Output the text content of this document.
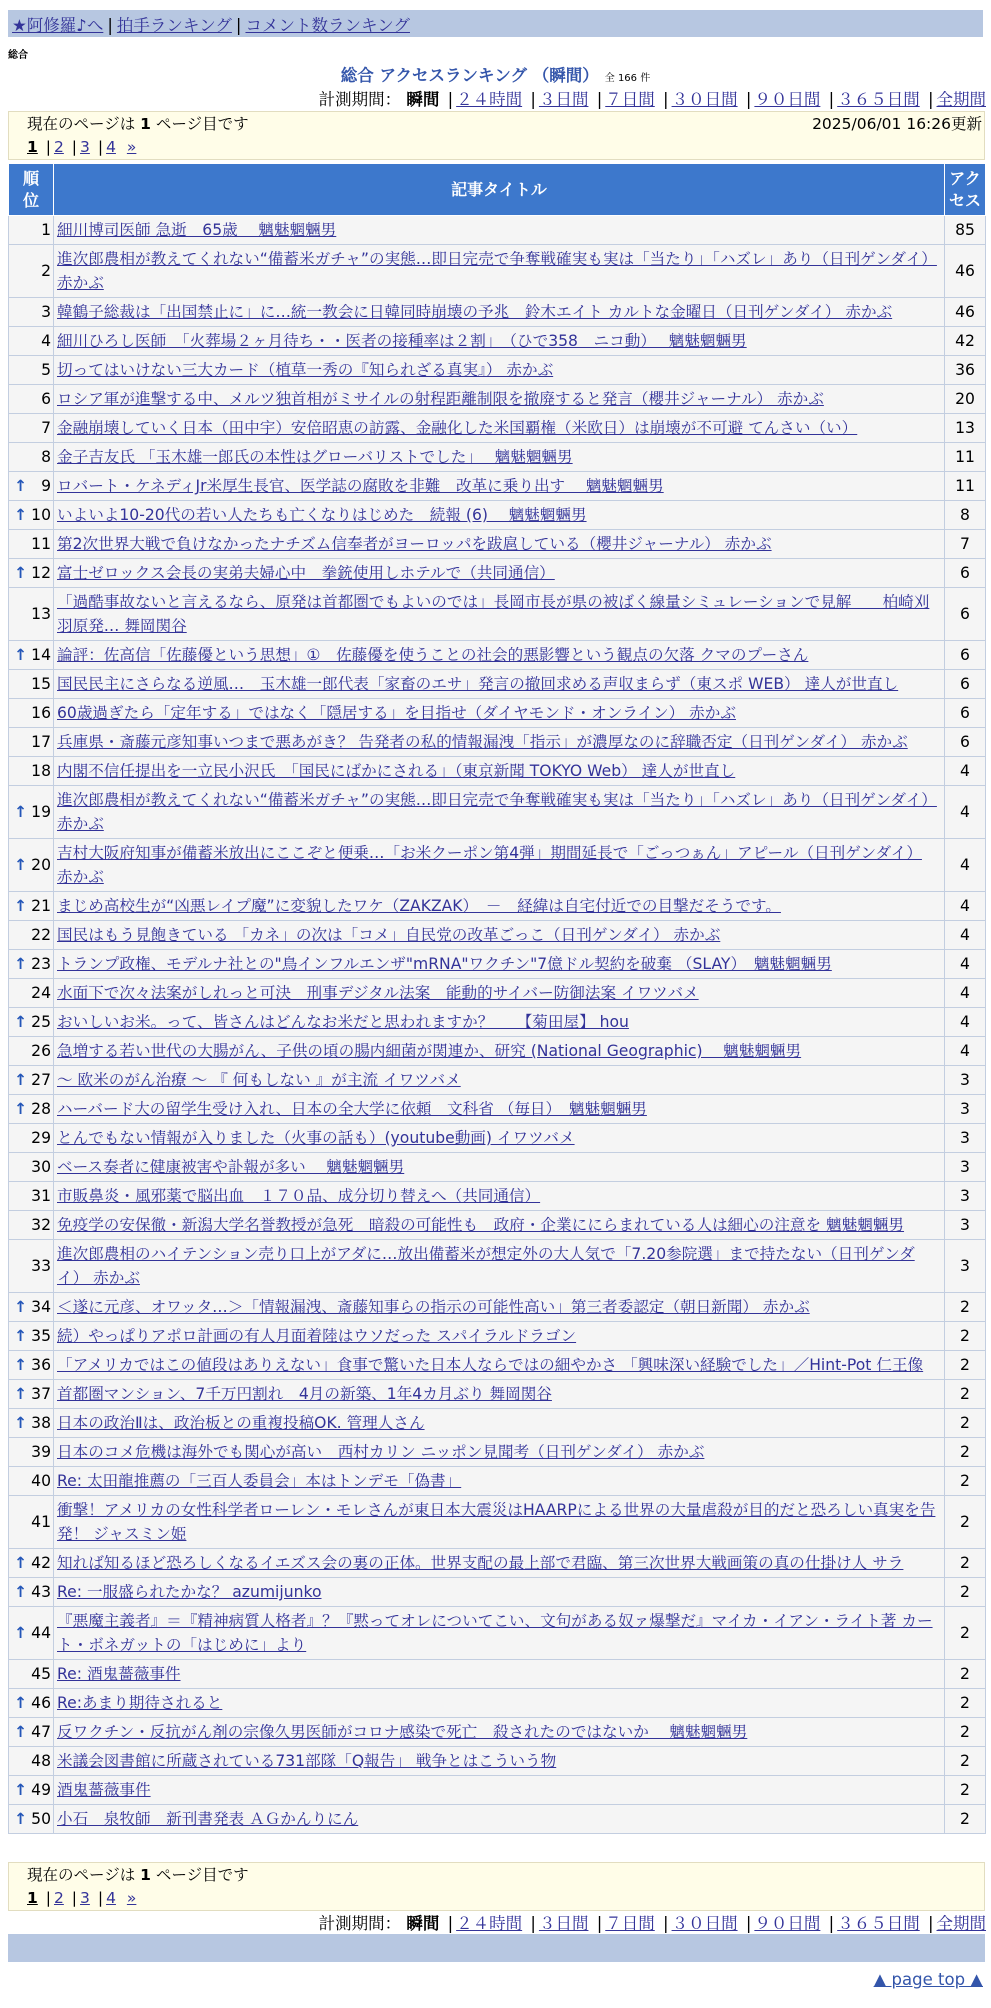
★阿修羅♪へ | 拍手ランキング | コメント数ランキング
総合
総合 アクセスランキング （瞬間） 全 166 件
計測期間： 瞬間 | ２４時間 | ３日間 | ７日間 | ３０日間 | ９０日間 | ３６５日間 | 全期間
現在のページは 1 ページ目です	2025/06/01 16:26更新
1 | 2 | 3 | 4 »
順位	記事タイトル	アクセス
1	細川博司医師 急逝　65歳　 魑魅魍魎男	85
2	進次郎農相が教えてくれない“備蓄米ガチャ”の実態…即日完売で争奪戦確実も実は「当たり」「ハズレ」あり（日刊ゲンダイ） 赤かぶ	46
3	韓鶴子総裁は「出国禁止に」に…統一教会に日韓同時崩壊の予兆　鈴木エイト カルトな金曜日（日刊ゲンダイ） 赤かぶ	46
4	細川ひろし医師　「火葬場２ヶ月待ち・・医者の接種率は２割」　（ひで358　ニコ動）　 魑魅魍魎男	42
5	切ってはいけない三大カード（植草一秀の『知られざる真実』） 赤かぶ	36
6	ロシア軍が進撃する中、メルツ独首相がミサイルの射程距離制限を撤廃すると発言（櫻井ジャーナル） 赤かぶ	20
7	金融崩壊していく日本（田中宇）安倍昭恵の訪露、金融化した米国覇権（米欧日）は崩壊が不可避 てんさい（い）	13
8	金子吉友氏 「玉木雄一郎氏の本性はグローバリストでした」　 魑魅魍魎男	11

↑ 9	ロバート・ケネディJr米厚生長官、医学誌の腐敗を非難　改革に乗り出す　 魑魅魍魎男	11

↑ 10	いよいよ10-20代の若い人たちも亡くなりはじめた　続報 (6)　 魑魅魍魎男	8
11	第2次世界大戦で負けなかったナチズム信奉者がヨーロッパを跋扈している（櫻井ジャーナル） 赤かぶ	7

↑ 12	富士ゼロックス会長の実弟夫婦心中　拳銃使用しホテルで（共同通信）	6
13	「過酷事故ないと言えるなら、原発は首都圏でもよいのでは」長岡市長が県の被ばく線量シミュレーションで見解　　柏崎刈羽原発… 舞岡関谷	6

↑ 14	論評：佐高信「佐藤優という思想」①　佐藤優を使うことの社会的悪影響という観点の欠落 クマのプーさん	6
15	国民民主にさらなる逆風…　玉木雄一郎代表「家畜のエサ」発言の撤回求める声収まらず（東スポ WEB） 達人が世直し	6
16	60歳過ぎたら「定年する」ではなく「隠居する」を目指せ（ダイヤモンド・オンライン） 赤かぶ	6
17	兵庫県・斎藤元彦知事いつまで悪あがき？ 告発者の私的情報漏洩「指示」が濃厚なのに辞職否定（日刊ゲンダイ） 赤かぶ	6
18	内閣不信任提出を一立民小沢氏　「国民にばかにされる」（東京新聞 TOKYO Web） 達人が世直し	4

↑ 19	進次郎農相が教えてくれない“備蓄米ガチャ”の実態…即日完売で争奪戦確実も実は「当たり」「ハズレ」あり（日刊ゲンダイ） 赤かぶ	4

↑ 20	吉村大阪府知事が備蓄米放出にここぞと便乗…「お米クーポン第4弾」期間延長で「ごっつぁん」アピール（日刊ゲンダイ） 赤かぶ	4

↑ 21	まじめ高校生が“凶悪レイプ魔”に変貌したワケ（ZAKZAK）　－　経緯は自宅付近での目撃だそうです。	4
22	国民はもう見飽きている 「カネ」の次は「コメ」自民党の改革ごっこ（日刊ゲンダイ） 赤かぶ	4

↑ 23	トランプ政権、モデルナ社との"鳥インフルエンザ"mRNA"ワクチン"7億ドル契約を破棄 （SLAY）　魑魅魍魎男	4
24	水面下で次々法案がしれっと可決　刑事デジタル法案　能動的サイバー防御法案 イワツバメ	4

↑ 25	おいしいお米。って、皆さんはどんなお米だと思われますか？　　【菊田屋】 hou	4
26	急増する若い世代の大腸がん、子供の頃の腸内細菌が関連か、研究 (National Geographic)　 魑魅魍魎男	4

↑ 27	～ 欧米のがん治療 ～ 『 何もしない 』が主流 イワツバメ	3

↑ 28	ハーバード大の留学生受け入れ、日本の全大学に依頼　文科省 （毎日）　魑魅魍魎男	3
29	とんでもない情報が入りました（火事の話も）(youtube動画) イワツバメ	3
30	ベース奏者に健康被害や訃報が多い　 魑魅魍魎男	3
31	市販鼻炎・風邪薬で脳出血　１７０品、成分切り替えへ（共同通信）	3
32	免疫学の安保徹・新潟大学名誉教授が急死　暗殺の可能性も　政府・企業ににらまれている人は細心の注意を 魑魅魍魎男	3
33	進次郎農相のハイテンション売り口上がアダに…放出備蓄米が想定外の大人気で「7.20参院選」まで持たない（日刊ゲンダイ） 赤かぶ	3

↑ 34	＜遂に元彦、オワッタ…＞「情報漏洩、斎藤知事らの指示の可能性高い」第三者委認定（朝日新聞） 赤かぶ	2

↑ 35	続）やっぱりアポロ計画の有人月面着陸はウソだった スパイラルドラゴン	2

↑ 36	「アメリカではこの値段はありえない」食事で驚いた日本人ならではの細やかさ 「興味深い経験でした」／Hint-Pot 仁王像	2

↑ 37	首都圏マンション、7千万円割れ　4月の新築、1年4カ月ぶり 舞岡関谷	2

↑ 38	日本の政治Ⅱは、政治板との重複投稿OK. 管理人さん	2
39	日本のコメ危機は海外でも関心が高い　西村カリン ニッポン見聞考（日刊ゲンダイ） 赤かぶ	2
40	Re: 太田龍推薦の「三百人委員会」本はトンデモ「偽書」	2
41	衝撃！アメリカの女性科学者ローレン・モレさんが東日本大震災はHAARPによる世界の大量虐殺が目的だと恐ろしい真実を告発！ ジャスミン姫	2

↑ 42	知れば知るほど恐ろしくなるイエズス会の裏の正体。世界支配の最上部で君臨、第三次世界大戦画策の真の仕掛け人 サラ	2

↑ 43	Re: 一服盛られたかな？ azumijunko	2

↑ 44	『悪魔主義者』＝『精神病質人格者』？『黙ってオレについてこい、文句がある奴ァ爆撃だ』マイカ・イアン・ライト著 カート・ボネガットの「はじめに」より	2
45	Re: 酒鬼薔薇事件	2

↑ 46	Re:あまり期待されると	2

↑ 47	反ワクチン・反抗がん剤の宗像久男医師がコロナ感染で死亡　殺されたのではないか　 魑魅魍魎男	2
48	米議会図書館に所蔵されている731部隊「Q報告」 戦争とはこういう物	2

↑ 49	酒鬼薔薇事件	2

↑ 50	小石　泉牧師　新刊書発表 ＡＧかんりにん	2
現在のページは 1 ページ目です
1 | 2 | 3 | 4 »
計測期間： 瞬間 | ２４時間 | ３日間 | ７日間 | ３０日間 | ９０日間 | ３６５日間 | 全期間
▲ page top ▲
